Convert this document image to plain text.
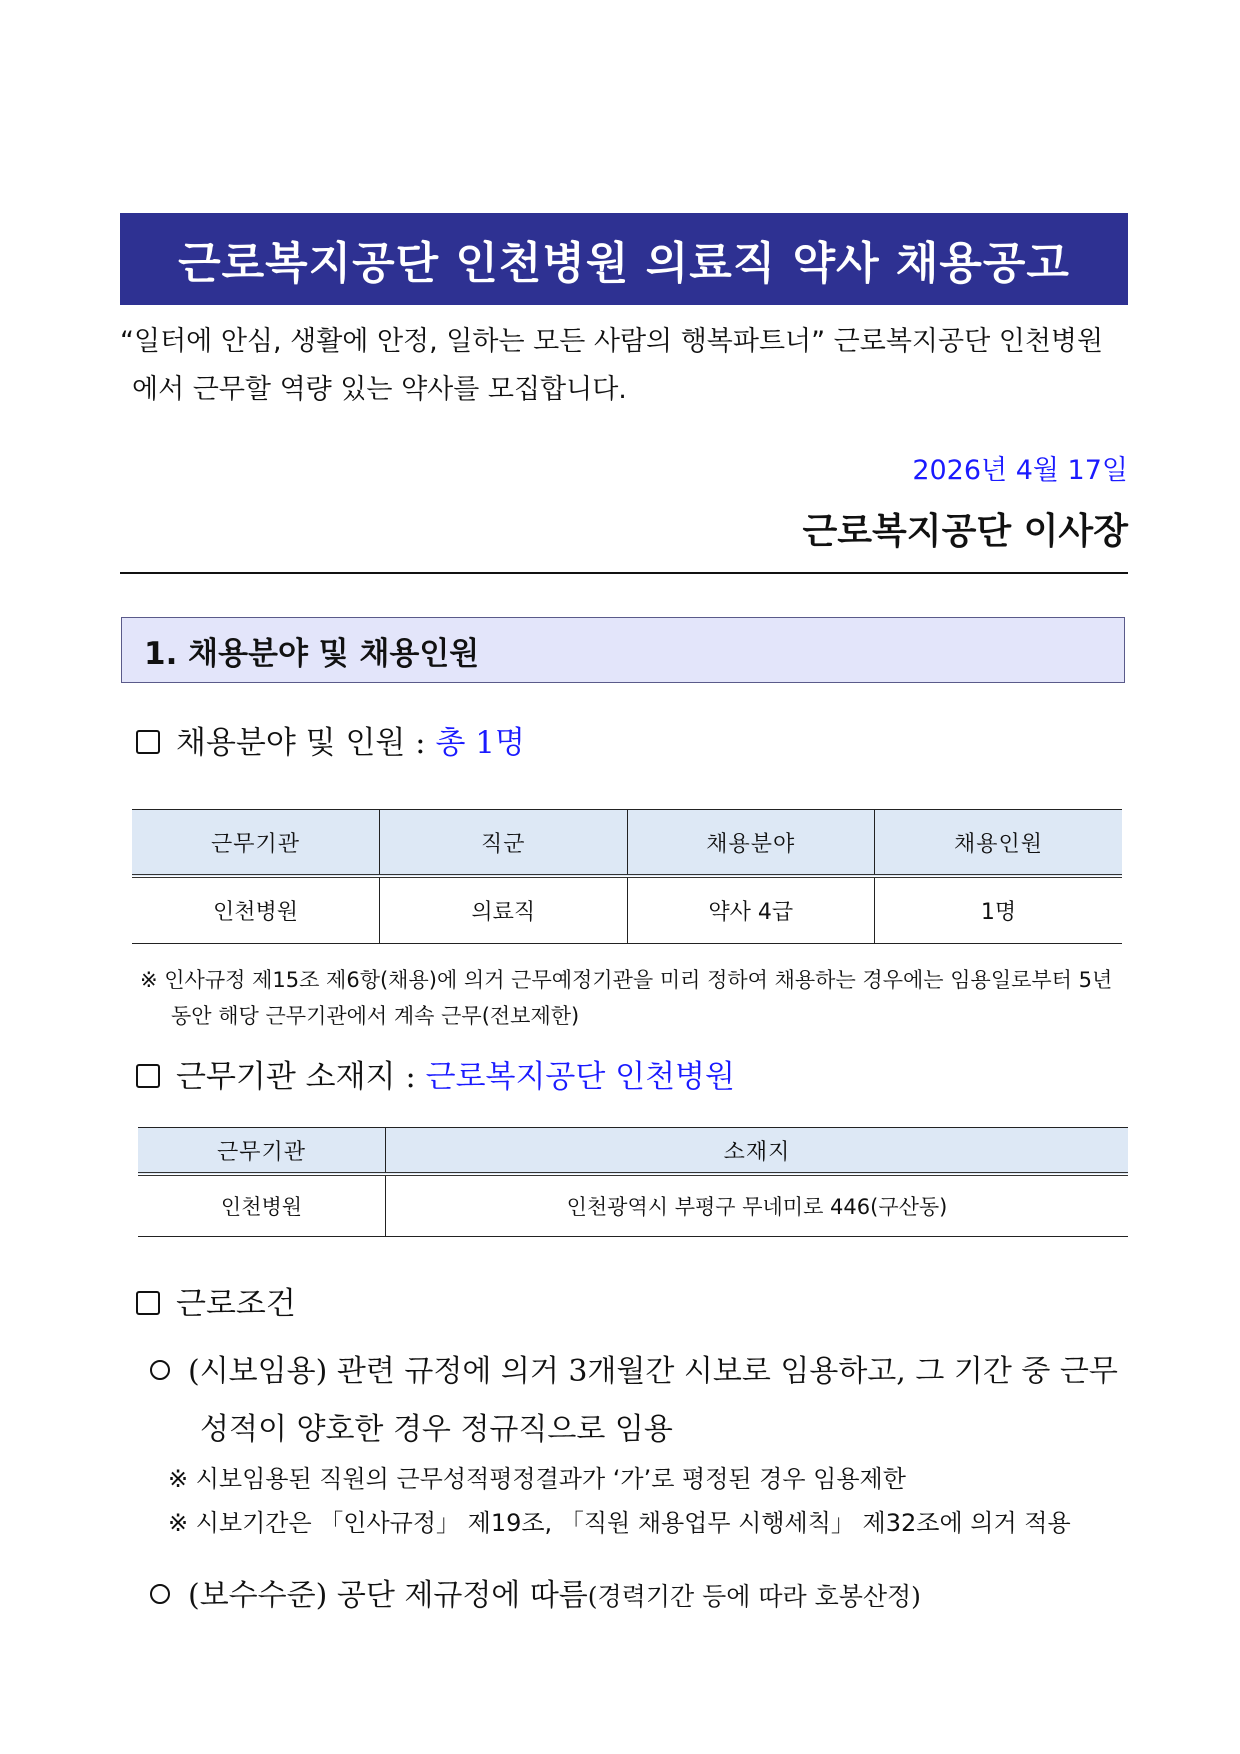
근로복지공단 인천병원 의료직 약사 채용공고
“일터에 안심, 생활에 안정, 일하는 모든 사람의 행복파트너” 근로복지공단 인천병원
에서 근무할 역량 있는 약사를 모집합니다.
2026년 4월 17일
근로복지공단 이사장
1. 채용분야 및 채용인원
채용분야 및 인원 : 총 1명
근무기관	직군	채용분야	채용인원
인천병원	의료직	약사 4급	1명
※ 인사규정 제15조 제6항(채용)에 의거 근무예정기관을 미리 정하여 채용하는 경우에는 임용일로부터 5년
동안 해당 근무기관에서 계속 근무(전보제한)
근무기관 소재지 : 근로복지공단 인천병원
근무기관	소재지
인천병원	인천광역시 부평구 무네미로 446(구산동)
근로조건
(시보임용) 관련 규정에 의거 3개월간 시보로 임용하고, 그 기간 중 근무
성적이 양호한 경우 정규직으로 임용
※ 시보임용된 직원의 근무성적평정결과가 ‘가’로 평정된 경우 임용제한
※ 시보기간은 「인사규정」 제19조, 「직원 채용업무 시행세칙」 제32조에 의거 적용
(보수수준) 공단 제규정에 따름(경력기간 등에 따라 호봉산정)
